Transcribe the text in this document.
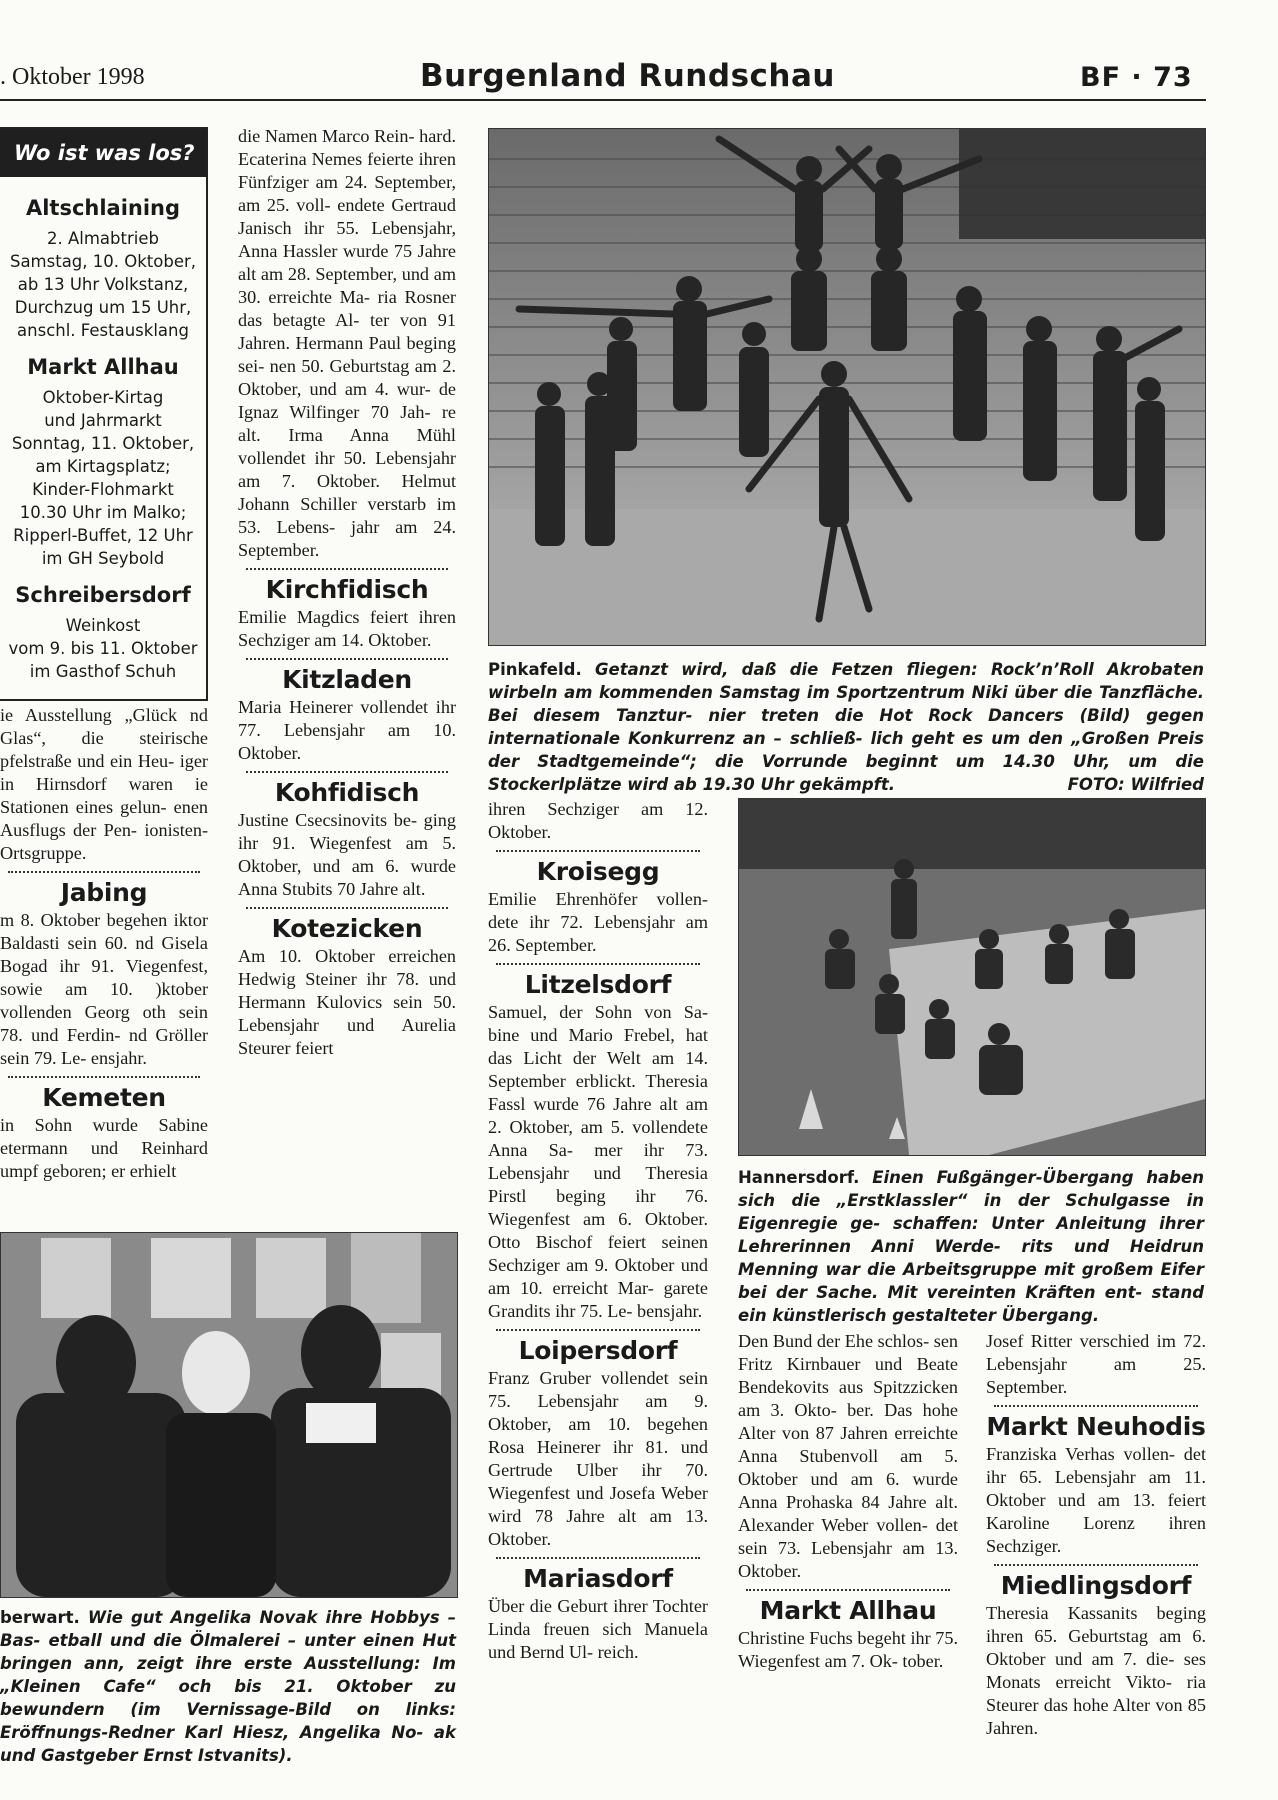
. Oktober 1998	Burgenland Rundschau	BF · 73
Wo ist was los?
Altschlaining
2. Almabtrieb
Samstag, 10. Oktober,
ab 13 Uhr Volkstanz,
Durchzug um 15 Uhr,
anschl. Festausklang
Markt Allhau
Oktober-Kirtag
und Jahrmarkt
Sonntag, 11. Oktober,
am Kirtagsplatz;
Kinder-Flohmarkt
10.30 Uhr im Malko;
Ripperl-Buffet, 12 Uhr
im GH Seybold
Schreibersdorf
Weinkost
vom 9. bis 11. Oktober
im Gasthof Schuh

ie Ausstellung „Glück nd Glas“, die steirische pfelstraße und ein Heu- iger in Hirnsdorf waren ie Stationen eines gelun- enen Ausflugs der Pen- ionisten-Ortsgruppe.

Jabing

m 8. Oktober begehen iktor Baldasti sein 60. nd Gisela Bogad ihr 91. Viegenfest, sowie am 10. )ktober vollenden Georg oth sein 78. und Ferdin- nd Gröller sein 79. Le- ensjahr.

Kemeten

in Sohn wurde Sabine etermann und Reinhard umpf geboren; er erhielt

die Namen Marco Rein- hard. Ecaterina Nemes feierte ihren Fünfziger am 24. September, am 25. voll- endete Gertraud Janisch ihr 55. Lebensjahr, Anna Hassler wurde 75 Jahre alt am 28. September, und am 30. erreichte Ma- ria Rosner das betagte Al- ter von 91 Jahren. Hermann Paul beging sei- nen 50. Geburtstag am 2. Oktober, und am 4. wur- de Ignaz Wilfinger 70 Jah- re alt. Irma Anna Mühl vollendet ihr 50. Lebensjahr am 7. Oktober. Helmut Johann Schiller verstarb im 53. Lebens- jahr am 24. September.

Kirchfidisch

Emilie Magdics feiert ihren Sechziger am 14. Oktober.

Kitzladen

Maria Heinerer vollendet ihr 77. Lebensjahr am 10. Oktober.

Kohfidisch

Justine Csecsinovits be- ging ihr 91. Wiegenfest am 5. Oktober, und am 6. wurde Anna Stubits 70 Jahre alt.

Kotezicken

Am 10. Oktober erreichen Hedwig Steiner ihr 78. und Hermann Kulovics sein 50. Lebensjahr und Aurelia Steurer feiert

Pinkafeld. Getanzt wird, daß die Fetzen fliegen: Rock’n’Roll Akrobaten wirbeln am kommenden Samstag im Sportzentrum Niki über die Tanzfläche. Bei diesem Tanztur- nier treten die Hot Rock Dancers (Bild) gegen internationale Konkurrenz an – schließ- lich geht es um den „Großen Preis der Stadtgemeinde“; die Vorrunde beginnt um 14.30 Uhr, um die Stockerlplätze wird ab 19.30 Uhr gekämpft.	FOTO: Wilfried

ihren Sechziger am 12. Oktober.

Kroisegg

Emilie Ehrenhöfer vollen- dete ihr 72. Lebensjahr am 26. September.

Litzelsdorf

Samuel, der Sohn von Sa- bine und Mario Frebel, hat das Licht der Welt am 14. September erblickt. Theresia Fassl wurde 76 Jahre alt am 2. Oktober, am 5. vollendete Anna Sa- mer ihr 73. Lebensjahr und Theresia Pirstl beging ihr 76. Wiegenfest am 6. Oktober. Otto Bischof feiert seinen Sechziger am 9. Oktober und am 10. erreicht Mar- garete Grandits ihr 75. Le- bensjahr.

Loipersdorf

Franz Gruber vollendet sein 75. Lebensjahr am 9. Oktober, am 10. begehen Rosa Heinerer ihr 81. und Gertrude Ulber ihr 70. Wiegenfest und Josefa Weber wird 78 Jahre alt am 13. Oktober.

Mariasdorf

Über die Geburt ihrer Tochter Linda freuen sich Manuela und Bernd Ul- reich.

Hannersdorf. Einen Fußgänger-Übergang haben sich die „Erstklassler“ in der Schulgasse in Eigenregie ge- schaffen: Unter Anleitung ihrer Lehrerinnen Anni Werde- rits und Heidrun Menning war die Arbeitsgruppe mit großem Eifer bei der Sache. Mit vereinten Kräften ent- stand ein künstlerisch gestalteter Übergang.

Den Bund der Ehe schlos- sen Fritz Kirnbauer und Beate Bendekovits aus Spitzzicken am 3. Okto- ber. Das hohe Alter von 87 Jahren erreichte Anna Stubenvoll am 5. Oktober und am 6. wurde Anna Prohaska 84 Jahre alt. Alexander Weber vollen- det sein 73. Lebensjahr am 13. Oktober.

Markt Allhau

Christine Fuchs begeht ihr 75. Wiegenfest am 7. Ok- tober.

Josef Ritter verschied im 72. Lebensjahr am 25. September.

Markt Neuhodis

Franziska Verhas vollen- det ihr 65. Lebensjahr am 11. Oktober und am 13. feiert Karoline Lorenz ihren Sechziger.

Miedlingsdorf

Theresia Kassanits beging ihren 65. Geburtstag am 6. Oktober und am 7. die- ses Monats erreicht Vikto- ria Steurer das hohe Alter von 85 Jahren.

berwart. Wie gut Angelika Novak ihre Hobbys – Bas- etball und die Ölmalerei – unter einen Hut bringen ann, zeigt ihre erste Ausstellung: Im „Kleinen Cafe“ och bis 21. Oktober zu bewundern (im Vernissage-Bild on links: Eröffnungs-Redner Karl Hiesz, Angelika No- ak und Gastgeber Ernst Istvanits).
